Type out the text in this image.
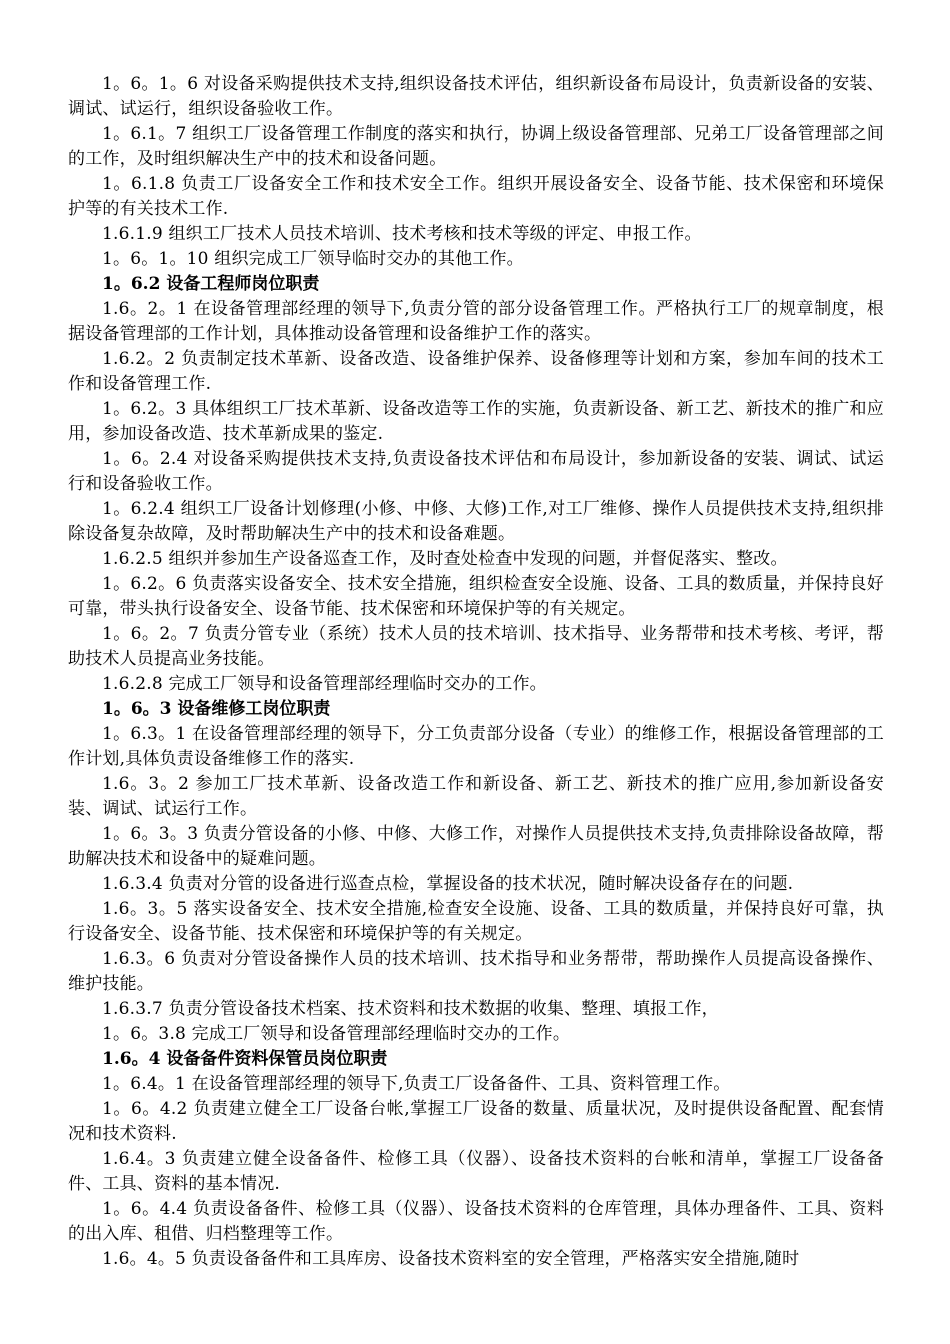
1。6。1。6 对设备采购提供技术支持,组织设备技术评估，组织新设备布局设计，负责新设备的安装、调试、试运行，组织设备验收工作。

1。6.1。7 组织工厂设备管理工作制度的落实和执行，协调上级设备管理部、兄弟工厂设备管理部之间的工作，及时组织解决生产中的技术和设备问题。

1。6.1.8 负责工厂设备安全工作和技术安全工作。组织开展设备安全、设备节能、技术保密和环境保护等的有关技术工作.

1.6.1.9 组织工厂技术人员技术培训、技术考核和技术等级的评定、申报工作。

1。6。1。10 组织完成工厂领导临时交办的其他工作。

1。6.2 设备工程师岗位职责

1.6。2。1 在设备管理部经理的领导下,负责分管的部分设备管理工作。严格执行工厂的规章制度，根据设备管理部的工作计划，具体推动设备管理和设备维护工作的落实。

1.6.2。2 负责制定技术革新、设备改造、设备维护保养、设备修理等计划和方案，参加车间的技术工作和设备管理工作.

1。6.2。3 具体组织工厂技术革新、设备改造等工作的实施，负责新设备、新工艺、新技术的推广和应用，参加设备改造、技术革新成果的鉴定.

1。6。2.4 对设备采购提供技术支持,负责设备技术评估和布局设计，参加新设备的安装、调试、试运行和设备验收工作。

1。6.2.4 组织工厂设备计划修理(小修、中修、大修)工作,对工厂维修、操作人员提供技术支持,组织排除设备复杂故障，及时帮助解决生产中的技术和设备难题。

1.6.2.5 组织并参加生产设备巡查工作，及时查处检查中发现的问题，并督促落实、整改。

1。6.2。6 负责落实设备安全、技术安全措施，组织检查安全设施、设备、工具的数质量，并保持良好可靠，带头执行设备安全、设备节能、技术保密和环境保护等的有关规定。

1。6。2。7 负责分管专业（系统）技术人员的技术培训、技术指导、业务帮带和技术考核、考评，帮助技术人员提高业务技能。

1.6.2.8 完成工厂领导和设备管理部经理临时交办的工作。

1。6。3 设备维修工岗位职责

1。6.3。1 在设备管理部经理的领导下，分工负责部分设备（专业）的维修工作，根据设备管理部的工作计划,具体负责设备维修工作的落实.

1.6。3。2 参加工厂技术革新、设备改造工作和新设备、新工艺、新技术的推广应用,参加新设备安装、调试、试运行工作。

1。6。3。3 负责分管设备的小修、中修、大修工作，对操作人员提供技术支持,负责排除设备故障，帮助解决技术和设备中的疑难问题。

1.6.3.4 负责对分管的设备进行巡查点检，掌握设备的技术状况，随时解决设备存在的问题.

1.6。3。5 落实设备安全、技术安全措施,检查安全设施、设备、工具的数质量，并保持良好可靠，执行设备安全、设备节能、技术保密和环境保护等的有关规定。

1.6.3。6 负责对分管设备操作人员的技术培训、技术指导和业务帮带，帮助操作人员提高设备操作、维护技能。

1.6.3.7 负责分管设备技术档案、技术资料和技术数据的收集、整理、填报工作，

1。6。3.8 完成工厂领导和设备管理部经理临时交办的工作。

1.6。4 设备备件资料保管员岗位职责

1。6.4。1 在设备管理部经理的领导下,负责工厂设备备件、工具、资料管理工作。

1。6。4.2 负责建立健全工厂设备台帐,掌握工厂设备的数量、质量状况，及时提供设备配置、配套情况和技术资料.

1.6.4。3 负责建立健全设备备件、检修工具（仪器）、设备技术资料的台帐和清单，掌握工厂设备备件、工具、资料的基本情况.

1。6。4.4 负责设备备件、检修工具（仪器）、设备技术资料的仓库管理，具体办理备件、工具、资料的出入库、租借、归档整理等工作。

1.6。4。5 负责设备备件和工具库房、设备技术资料室的安全管理，严格落实安全措施,随时
